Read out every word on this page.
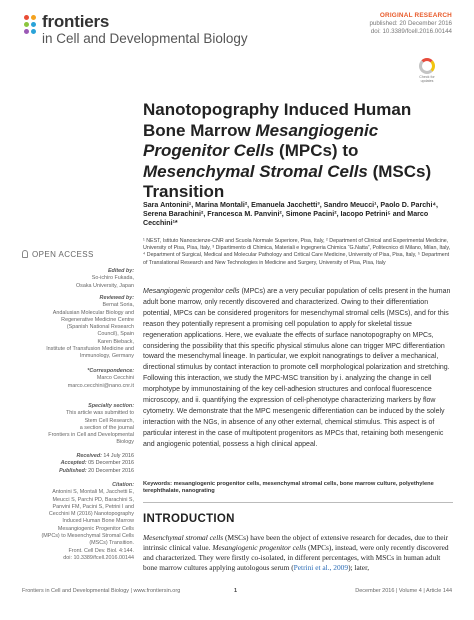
frontiers
in Cell and Developmental Biology
ORIGINAL RESEARCH
published: 20 December 2016
doi: 10.3389/fcell.2016.00144
Check for updates
Nanotopography Induced Human Bone Marrow Mesangiogenic Progenitor Cells (MPCs) to Mesenchymal Stromal Cells (MSCs) Transition
Sara Antonini¹, Marina Montali², Emanuela Jacchetti³, Sandro Meucci¹, Paolo D. Parchi⁴, Serena Barachini², Francesca M. Panvini², Simone Pacini², Iacopo Petrini⁵ and Marco Cecchini¹*
¹ NEST, Istituto Nanoscienze-CNR and Scuola Normale Superiore, Pisa, Italy, ² Department of Clinical and Experimental Medicine, University of Pisa, Pisa, Italy, ³ Dipartimento di Chimica, Materiali e Ingegneria Chimica “G.Natta”, Politecnico di Milano, Milan, Italy, ⁴ Department of Surgical, Medical and Molecular Pathology and Critical Care Medicine, University of Pisa, Pisa, Italy, ⁵ Department of Translational Research and New Technologies in Medicine and Surgery, University of Pisa, Pisa, Italy
OPEN ACCESS
Edited by:
So-ichiro Fukada,
Osaka University, Japan
Reviewed by:
Bernat Soria,
Andalusian Molecular Biology and
Regenerative Medicine Centre
(Spanish National Research
Council), Spain
Karen Bieback,
Institute of Transfusion Medicine and
Immunology, Germany
*Correspondence:
Marco Cecchini
marco.cecchini@nano.cnr.it
Specialty section:
This article was submitted to
Stem Cell Research,
a section of the journal
Frontiers in Cell and Developmental
Biology
Received: 14 July 2016
Accepted: 05 December 2016
Published: 20 December 2016
Citation:
Antonini S, Montali M, Jacchetti E,
Meucci S, Parchi PD, Barachini S,
Panvini FM, Pacini S, Petrini I and
Cecchini M (2016) Nanotopography
Induced Human Bone Marrow
Mesangiogenic Progenitor Cells
(MPCs) to Mesenchymal Stromal Cells
(MSCs) Transition.
Front. Cell Dev. Biol. 4:144.
doi: 10.3389/fcell.2016.00144
Mesangiogenic progenitor cells (MPCs) are a very peculiar population of cells present in the human adult bone marrow, only recently discovered and characterized. Owing to their differentiation potential, MPCs can be considered progenitors for mesenchymal stromal cells (MSCs), and for this reason they potentially represent a promising cell population to apply for skeletal tissue regeneration applications. Here, we evaluate the effects of surface nanotopography on MPCs, considering the possibility that this specific physical stimulus alone can trigger MPC differentiation toward the mesenchymal lineage. In particular, we exploit nanogratings to deliver a mechanical, directional stimulus by contact interaction to promote cell morphological polarization and stretching. Following this interaction, we study the MPC-MSC transition by i. analyzing the change in cell morphotype by immunostaining of the key cell-adhesion structures and confocal fluorescence microscopy, and ii. quantifying the expression of cell-phenotype characterizing markers by flow cytometry. We demonstrate that the MPC mesengenic differentiation can be induced by the solely interaction with the NGs, in absence of any other external, chemical stimulus. This aspect is of particular interest in the case of multipotent progenitors as MPCs that, retaining both mesengenic and angiogenic potential, possess a high clinical appeal.
Keywords: mesangiogenic progenitor cells, mesenchymal stromal cells, bone marrow culture, polyethylene terephthalate, nanograting
INTRODUCTION
Mesenchymal stromal cells (MSCs) have been the object of extensive research for decades, due to their intrinsic clinical value. Mesangiogenic progenitor cells (MPCs), instead, were only recently discovered and characterized. They were firstly co-isolated, in different percentages, with MSCs in human adult bone marrow cultures applying autologous serum (Petrini et al., 2009); later,
Frontiers in Cell and Developmental Biology | www.frontiersin.org	1	December 2016 | Volume 4 | Article 144
